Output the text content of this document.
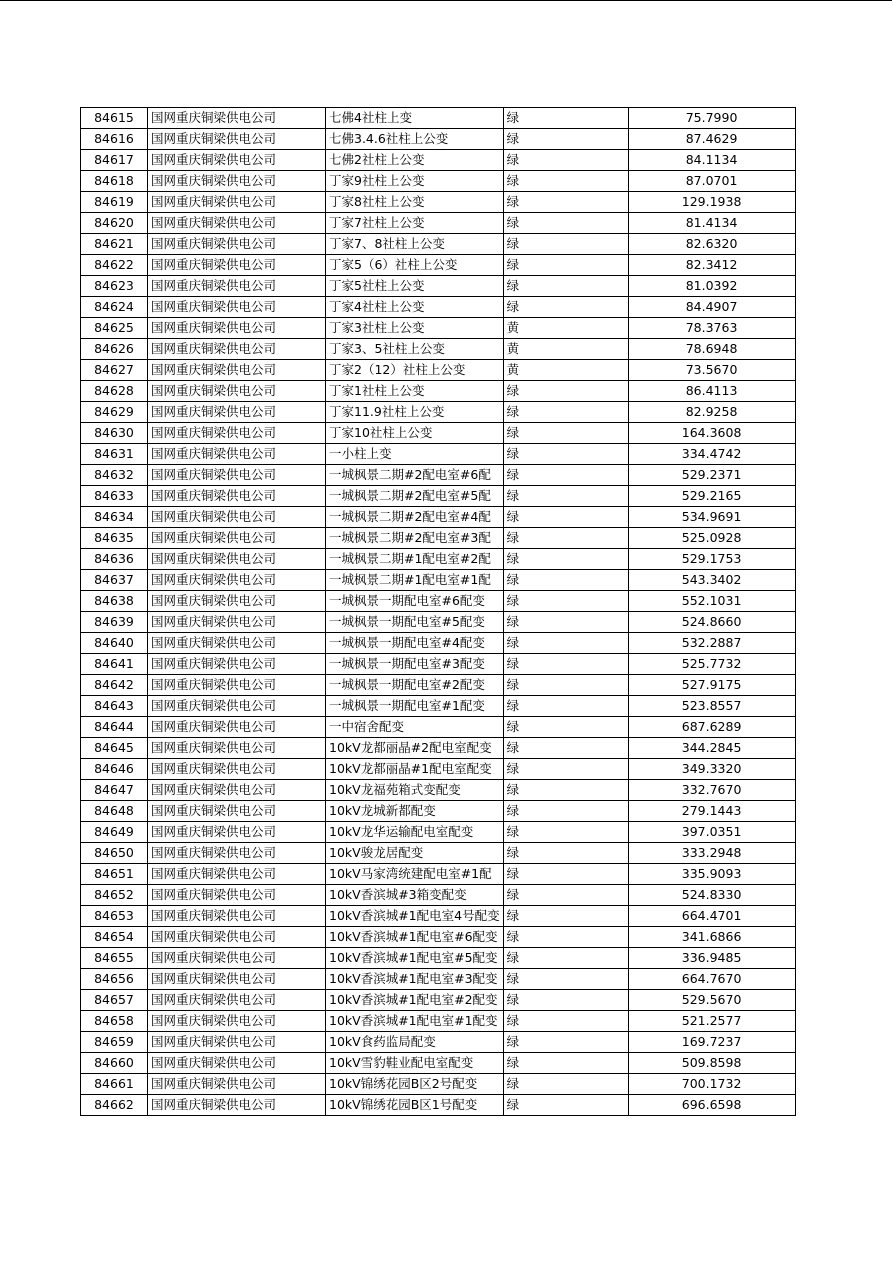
84615	国网重庆铜梁供电公司	七佛4社柱上变	绿	75.7990
84616	国网重庆铜梁供电公司	七佛3.4.6社柱上公变	绿	87.4629
84617	国网重庆铜梁供电公司	七佛2社柱上公变	绿	84.1134
84618	国网重庆铜梁供电公司	丁家9社柱上公变	绿	87.0701
84619	国网重庆铜梁供电公司	丁家8社柱上公变	绿	129.1938
84620	国网重庆铜梁供电公司	丁家7社柱上公变	绿	81.4134
84621	国网重庆铜梁供电公司	丁家7、8社柱上公变	绿	82.6320
84622	国网重庆铜梁供电公司	丁家5（6）社柱上公变	绿	82.3412
84623	国网重庆铜梁供电公司	丁家5社柱上公变	绿	81.0392
84624	国网重庆铜梁供电公司	丁家4社柱上公变	绿	84.4907
84625	国网重庆铜梁供电公司	丁家3社柱上公变	黄	78.3763
84626	国网重庆铜梁供电公司	丁家3、5社柱上公变	黄	78.6948
84627	国网重庆铜梁供电公司	丁家2（12）社柱上公变	黄	73.5670
84628	国网重庆铜梁供电公司	丁家1社柱上公变	绿	86.4113
84629	国网重庆铜梁供电公司	丁家11.9社柱上公变	绿	82.9258
84630	国网重庆铜梁供电公司	丁家10社柱上公变	绿	164.3608
84631	国网重庆铜梁供电公司	一小柱上变	绿	334.4742
84632	国网重庆铜梁供电公司	一城枫景二期#2配电室#6配	绿	529.2371
84633	国网重庆铜梁供电公司	一城枫景二期#2配电室#5配	绿	529.2165
84634	国网重庆铜梁供电公司	一城枫景二期#2配电室#4配	绿	534.9691
84635	国网重庆铜梁供电公司	一城枫景二期#2配电室#3配	绿	525.0928
84636	国网重庆铜梁供电公司	一城枫景二期#1配电室#2配	绿	529.1753
84637	国网重庆铜梁供电公司	一城枫景二期#1配电室#1配	绿	543.3402
84638	国网重庆铜梁供电公司	一城枫景一期配电室#6配变	绿	552.1031
84639	国网重庆铜梁供电公司	一城枫景一期配电室#5配变	绿	524.8660
84640	国网重庆铜梁供电公司	一城枫景一期配电室#4配变	绿	532.2887
84641	国网重庆铜梁供电公司	一城枫景一期配电室#3配变	绿	525.7732
84642	国网重庆铜梁供电公司	一城枫景一期配电室#2配变	绿	527.9175
84643	国网重庆铜梁供电公司	一城枫景一期配电室#1配变	绿	523.8557
84644	国网重庆铜梁供电公司	一中宿舍配变	绿	687.6289
84645	国网重庆铜梁供电公司	10kV龙都丽晶#2配电室配变	绿	344.2845
84646	国网重庆铜梁供电公司	10kV龙都丽晶#1配电室配变	绿	349.3320
84647	国网重庆铜梁供电公司	10kV龙福苑箱式变配变	绿	332.7670
84648	国网重庆铜梁供电公司	10kV龙城新都配变	绿	279.1443
84649	国网重庆铜梁供电公司	10kV龙华运输配电室配变	绿	397.0351
84650	国网重庆铜梁供电公司	10kV骏龙居配变	绿	333.2948
84651	国网重庆铜梁供电公司	10kV马家湾统建配电室#1配	绿	335.9093
84652	国网重庆铜梁供电公司	10kV香滨城#3箱变配变	绿	524.8330
84653	国网重庆铜梁供电公司	10kV香滨城#1配电室4号配变	绿	664.4701
84654	国网重庆铜梁供电公司	10kV香滨城#1配电室#6配变	绿	341.6866
84655	国网重庆铜梁供电公司	10kV香滨城#1配电室#5配变	绿	336.9485
84656	国网重庆铜梁供电公司	10kV香滨城#1配电室#3配变	绿	664.7670
84657	国网重庆铜梁供电公司	10kV香滨城#1配电室#2配变	绿	529.5670
84658	国网重庆铜梁供电公司	10kV香滨城#1配电室#1配变	绿	521.2577
84659	国网重庆铜梁供电公司	10kV食药监局配变	绿	169.7237
84660	国网重庆铜梁供电公司	10kV雪豹鞋业配电室配变	绿	509.8598
84661	国网重庆铜梁供电公司	10kV锦绣花园B区2号配变	绿	700.1732
84662	国网重庆铜梁供电公司	10kV锦绣花园B区1号配变	绿	696.6598
